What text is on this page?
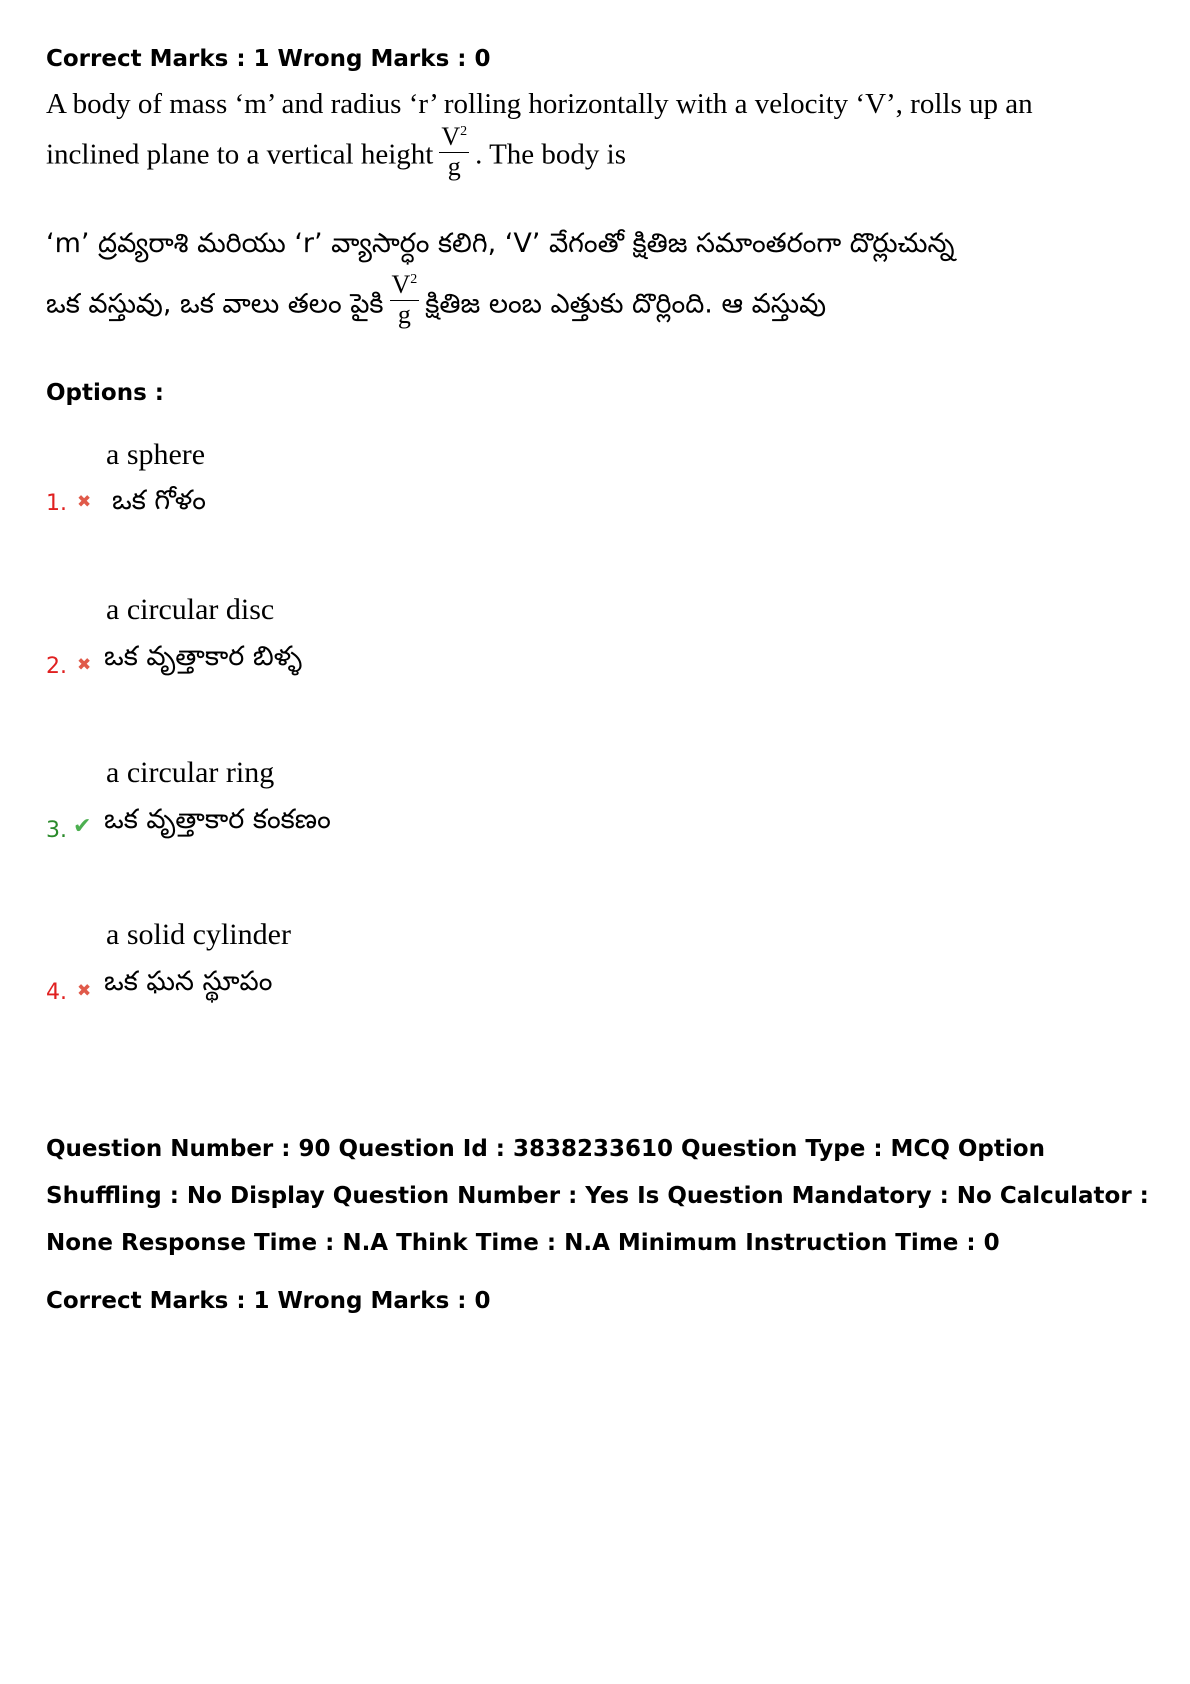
Correct Marks : 1 Wrong Marks : 0
A body of mass ‘m’ and radius ‘r’ rolling horizontally with a velocity ‘V’, rolls up an
inclined plane to a vertical height $\frac{V^2}{g}$ . The body is
‘m’ ద్రవ్యరాశి మరియు ‘r’ వ్యాసార్ధం కలిగి, ‘V’ వేగంతో క్షితిజ సమాంతరంగా దొర్లుచున్న
ఒక వస్తువు, ఒక వాలు తలం పైకి $\frac{V^2}{g}$ క్షితిజ లంబ ఎత్తుకు దొర్లింది. ఆ వస్తువు
Options :
a sphere
1. ✖ ఒక గోళం
a circular disc
2. ✖ ఒక వృత్తాకార బిళ్ళ
a circular ring
3. ✔ ఒక వృత్తాకార కంకణం
a solid cylinder
4. ✖ ఒక ఘన స్థూపం
Question Number : 90 Question Id : 3838233610 Question Type : MCQ Option Shuffling : No Display Question Number : Yes Is Question Mandatory : No Calculator : None Response Time : N.A Think Time : N.A Minimum Instruction Time : 0
Correct Marks : 1 Wrong Marks : 0
